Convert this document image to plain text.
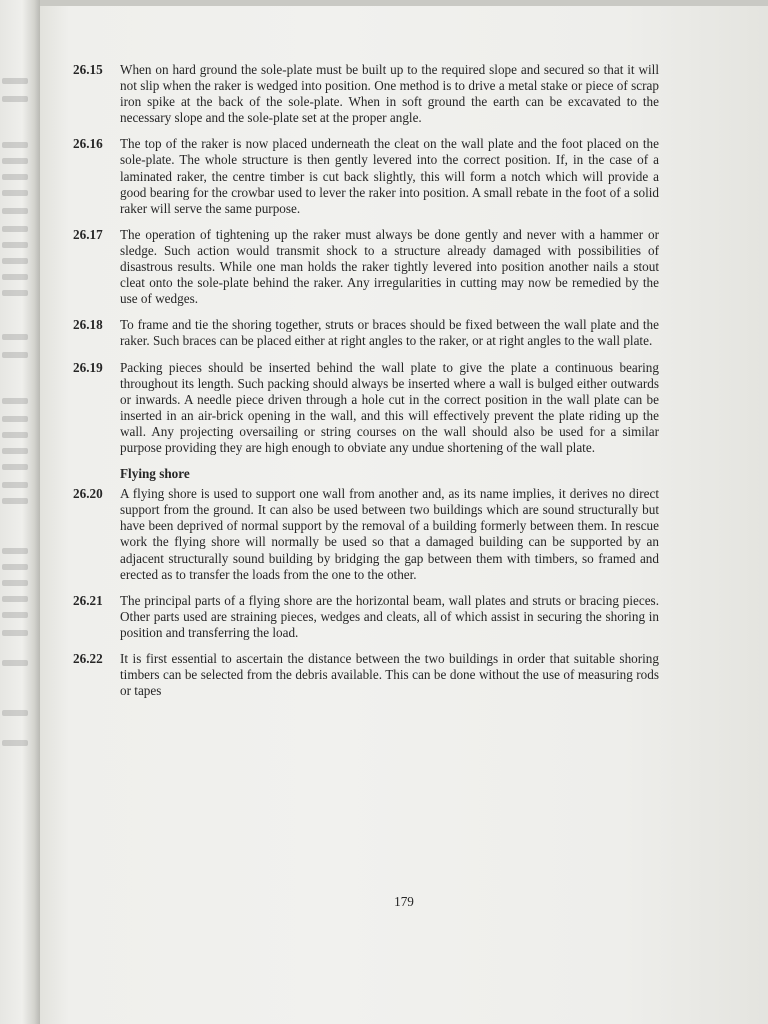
26.15	When on hard ground the sole-plate must be built up to the required slope and secured so that it will not slip when the raker is wedged into position. One method is to drive a metal stake or piece of scrap iron spike at the back of the sole-plate. When in soft ground the earth can be excavated to the necessary slope and the sole-plate set at the proper angle.
26.16	The top of the raker is now placed underneath the cleat on the wall plate and the foot placed on the sole-plate. The whole structure is then gently levered into the correct position. If, in the case of a laminated raker, the centre timber is cut back slightly, this will form a notch which will provide a good bearing for the crowbar used to lever the raker into position. A small rebate in the foot of a solid raker will serve the same purpose.
26.17	The operation of tightening up the raker must always be done gently and never with a hammer or sledge. Such action would transmit shock to a structure already damaged with possibilities of disastrous results. While one man holds the raker tightly levered into position another nails a stout cleat onto the sole-plate behind the raker. Any irregularities in cutting may now be remedied by the use of wedges.
26.18	To frame and tie the shoring together, struts or braces should be fixed between the wall plate and the raker. Such braces can be placed either at right angles to the raker, or at right angles to the wall plate.
26.19	Packing pieces should be inserted behind the wall plate to give the plate a continuous bearing throughout its length. Such packing should always be inserted where a wall is bulged either outwards or inwards. A needle piece driven through a hole cut in the correct position in the wall plate can be inserted in an air-brick opening in the wall, and this will effectively prevent the plate riding up the wall. Any projecting oversailing or string courses on the wall should also be used for a similar purpose providing they are high enough to obviate any undue shortening of the wall plate.
Flying shore
26.20	A flying shore is used to support one wall from another and, as its name implies, it derives no direct support from the ground. It can also be used between two buildings which are sound structurally but have been deprived of normal support by the removal of a building formerly between them. In rescue work the flying shore will normally be used so that a damaged building can be supported by an adjacent structurally sound building by bridging the gap between them with timbers, so framed and erected as to transfer the loads from the one to the other.
26.21	The principal parts of a flying shore are the horizontal beam, wall plates and struts or bracing pieces. Other parts used are straining pieces, wedges and cleats, all of which assist in securing the shoring in position and transferring the load.
26.22	It is first essential to ascertain the distance between the two buildings in order that suitable shoring timbers can be selected from the debris available. This can be done without the use of measuring rods or tapes
179
